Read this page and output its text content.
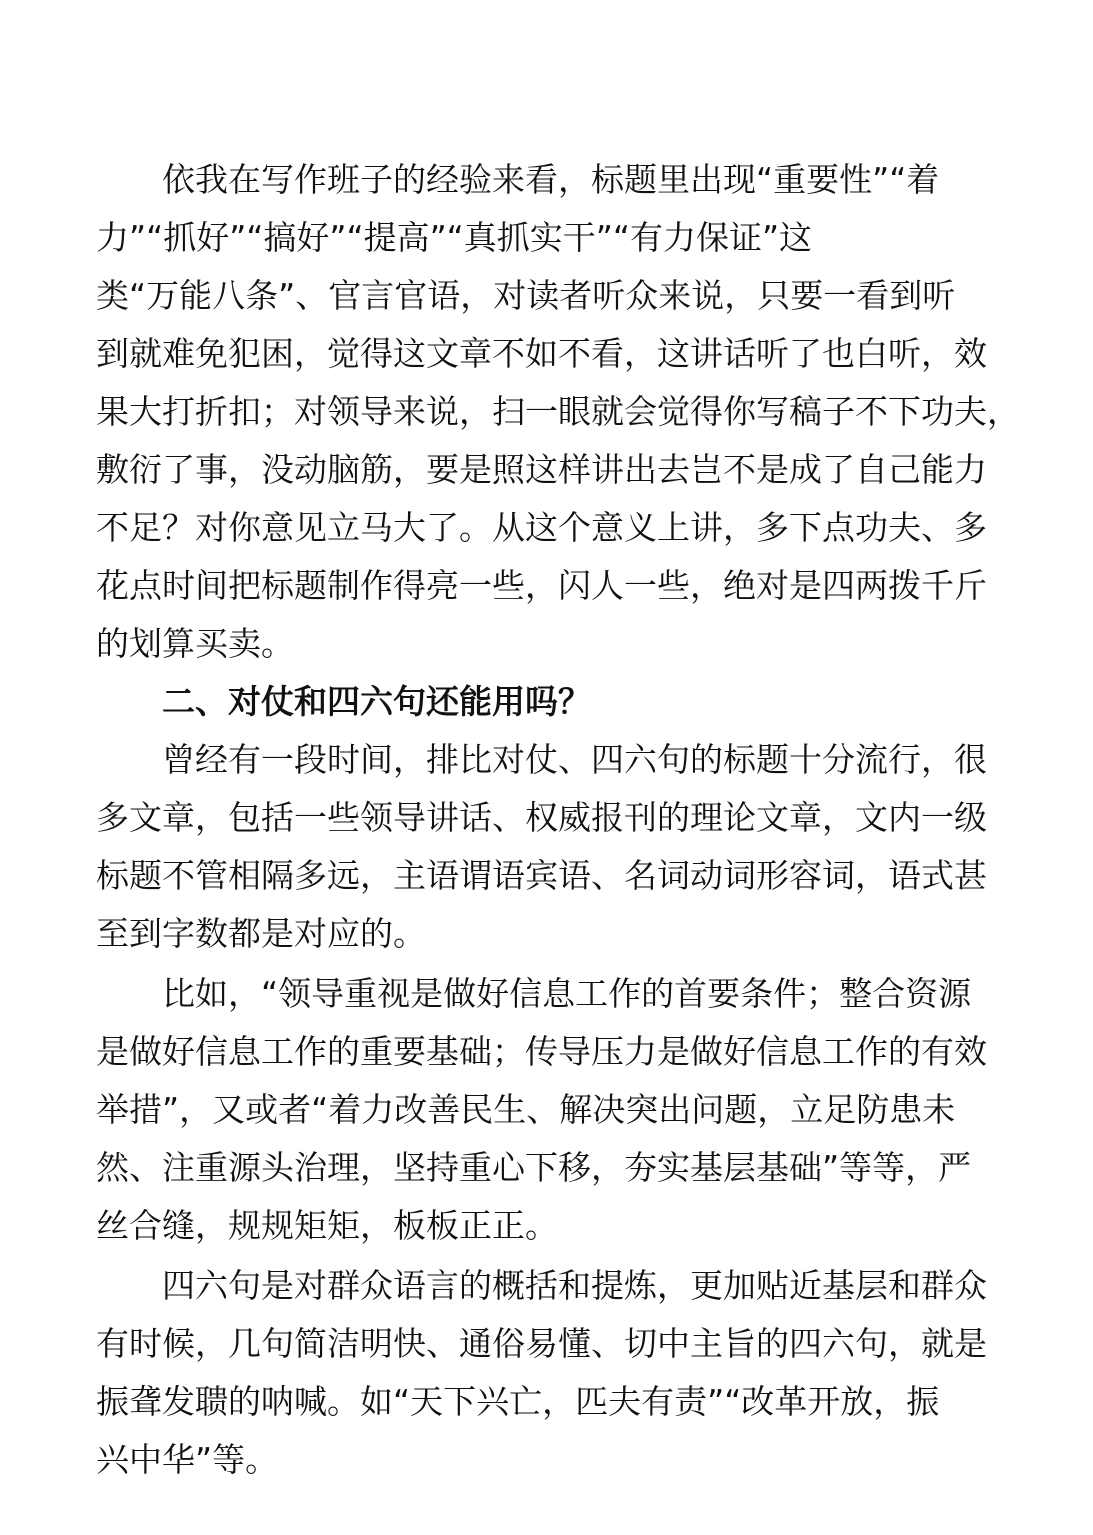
　　依我在写作班子的经验来看，标题里出现“重要性”“着
力”“抓好”“搞好”“提高”“真抓实干”“有力保证”这
类“万能八条”、官言官语，对读者听众来说，只要一看到听
到就难免犯困，觉得这文章不如不看，这讲话听了也白听，效
果大打折扣；对领导来说，扫一眼就会觉得你写稿子不下功夫，
敷衍了事，没动脑筋，要是照这样讲出去岂不是成了自己能力
不足？对你意见立马大了。从这个意义上讲，多下点功夫、多
花点时间把标题制作得亮一些，闪人一些，绝对是四两拨千斤
的划算买卖。
　　二、对仗和四六句还能用吗？
　　曾经有一段时间，排比对仗、四六句的标题十分流行，很
多文章，包括一些领导讲话、权威报刊的理论文章，文内一级
标题不管相隔多远，主语谓语宾语、名词动词形容词，语式甚
至到字数都是对应的。
　　比如，“领导重视是做好信息工作的首要条件；整合资源
是做好信息工作的重要基础；传导压力是做好信息工作的有效
举措”，又或者“着力改善民生、解决突出问题，立足防患未
然、注重源头治理，坚持重心下移，夯实基层基础”等等，严
丝合缝，规规矩矩，板板正正。
　　四六句是对群众语言的概括和提炼，更加贴近基层和群众
有时候，几句简洁明快、通俗易懂、切中主旨的四六句，就是
振聋发聩的呐喊。如“天下兴亡，匹夫有责”“改革开放，振
兴中华”等。
